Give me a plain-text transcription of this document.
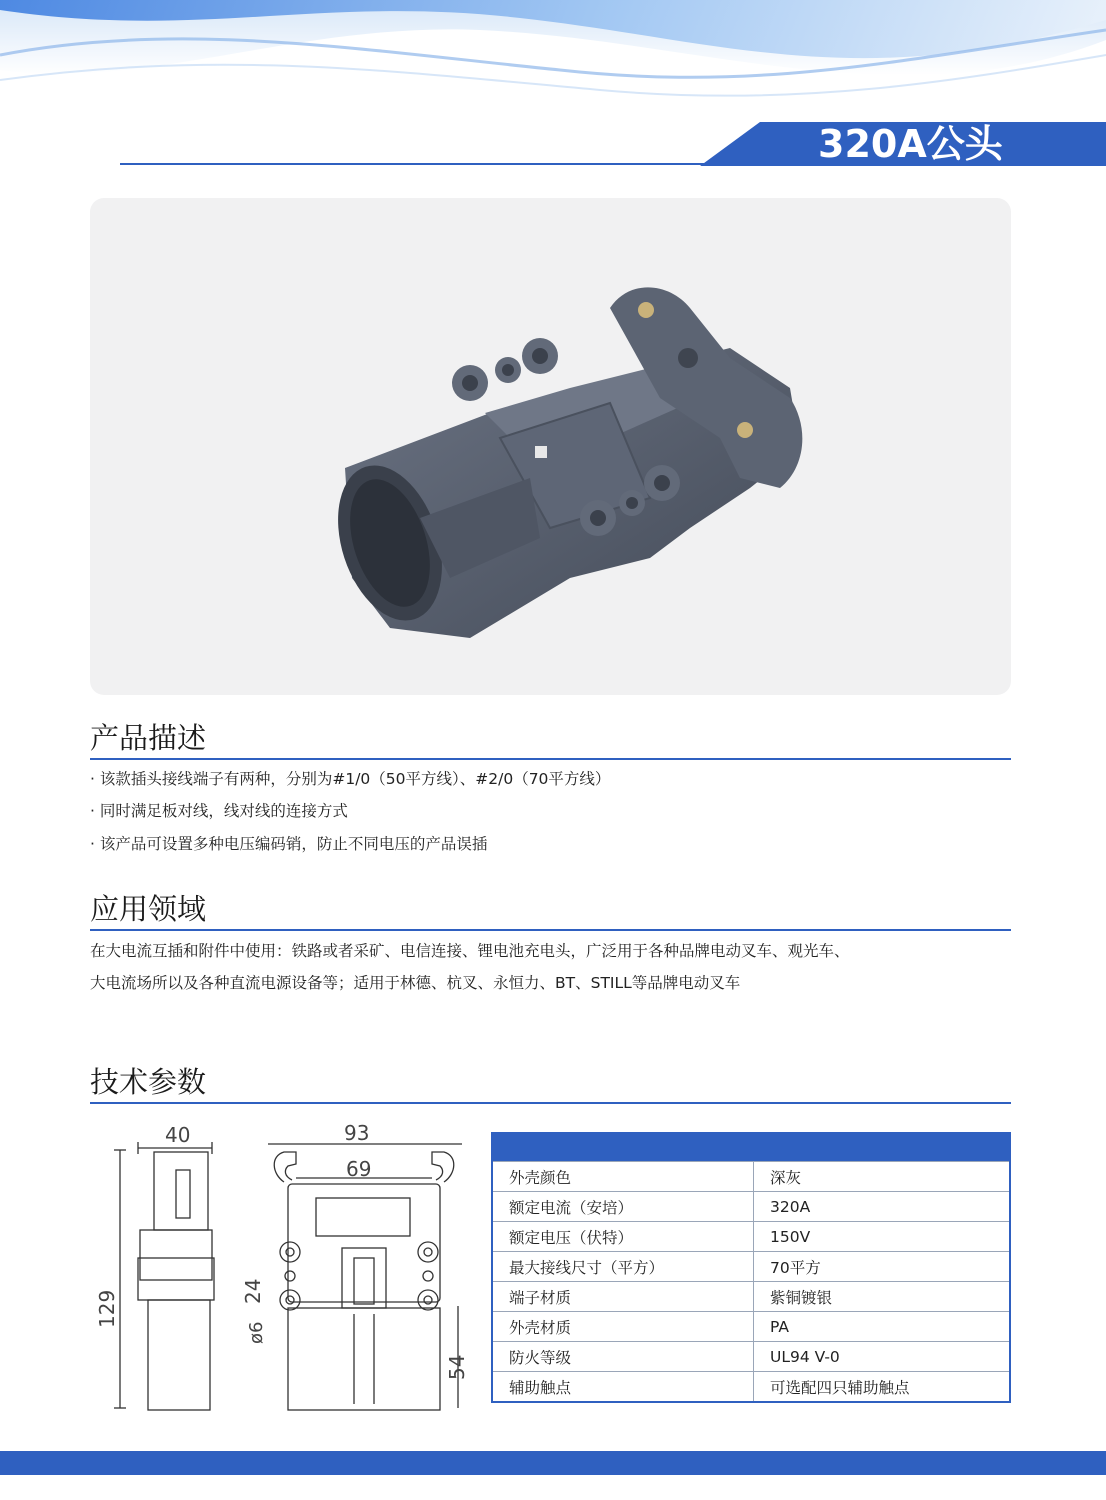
320A公头
产品描述
· 该款插头接线端子有两种，分别为#1/0（50平方线）、#2/0（70平方线）
· 同时满足板对线，线对线的连接方式
· 该产品可设置多种电压编码销，防止不同电压的产品误插
应用领域
在大电流互插和附件中使用：铁路或者采矿、电信连接、锂电池充电头，广泛用于各种品牌电动叉车、观光车、
大电流场所以及各种直流电源设备等；适用于林德、杭叉、永恒力、BT、STILL等品牌电动叉车
技术参数
40
129
93
69
24
ø6
54

外壳颜色	深灰
额定电流（安培）	320A
额定电压（伏特）	150V
最大接线尺寸（平方）	70平方
端子材质	紫铜镀银
外壳材质	PA
防火等级	UL94 V-0
辅助触点	可选配四只辅助触点
